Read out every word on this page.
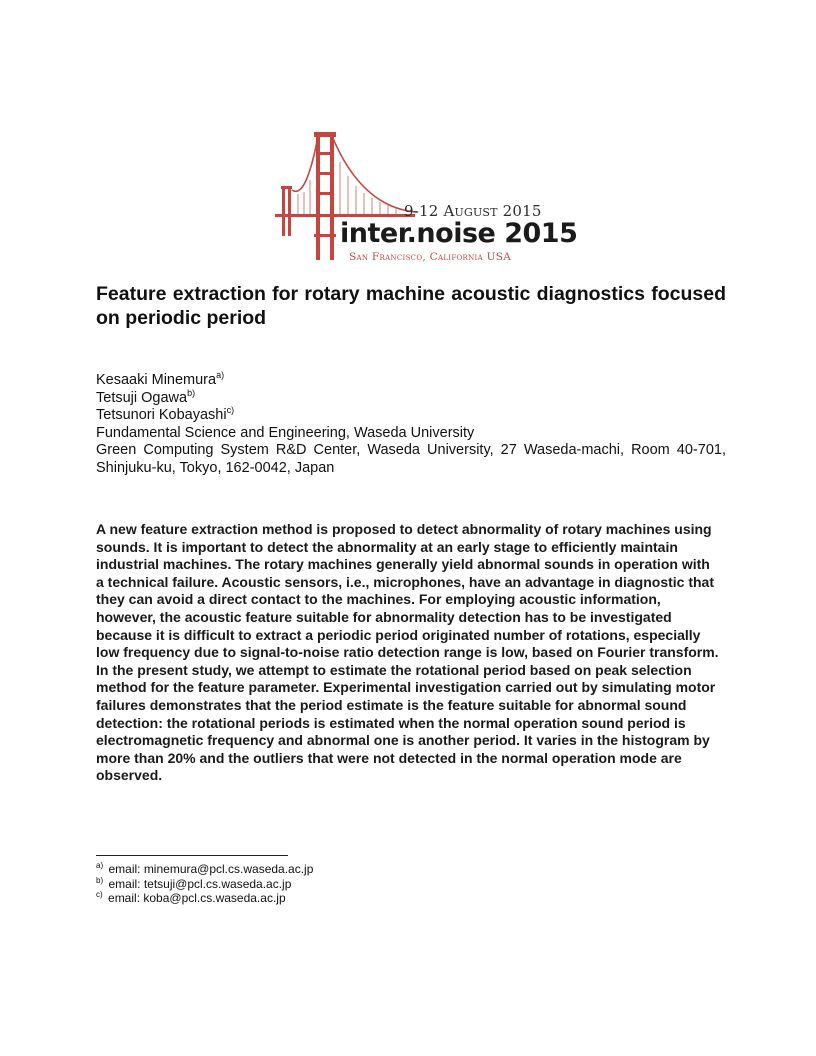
9-12 August 2015
inter.noise 2015
San Francisco, California USA
Feature extraction for rotary machine acoustic diagnostics focused on periodic period
Kesaaki Minemura$^{a)}$
Tetsuji Ogawa$^{b)}$
Tetsunori Kobayashi$^{c)}$
Fundamental Science and Engineering, Waseda University
Green Computing System R&D Center, Waseda University, 27 Waseda-machi, Room 40-701, Shinjuku-ku, Tokyo, 162-0042, Japan

A new feature extraction method is proposed to detect abnormality of rotary machines using sounds. It is important to detect the abnormality at an early stage to efficiently maintain industrial machines. The rotary machines generally yield abnormal sounds in operation with a technical failure. Acoustic sensors, i.e., microphones, have an advantage in diagnostic that they can avoid a direct contact to the machines. For employing acoustic information, however, the acoustic feature suitable for abnormality detection has to be investigated because it is difficult to extract a periodic period originated number of rotations, especially low frequency due to signal-to-noise ratio detection range is low, based on Fourier transform. In the present study, we attempt to estimate the rotational period based on peak selection method for the feature parameter. Experimental investigation carried out by simulating motor failures demonstrates that the period estimate is the feature suitable for abnormal sound detection: the rotational periods is estimated when the normal operation sound period is electromagnetic frequency and abnormal one is another period. It varies in the histogram by more than 20% and the outliers that were not detected in the normal operation mode are observed.

$^{a)}$ email: minemura@pcl.cs.waseda.ac.jp
$^{b)}$ email: tetsuji@pcl.cs.waseda.ac.jp
$^{c)}$ email: koba@pcl.cs.waseda.ac.jp
